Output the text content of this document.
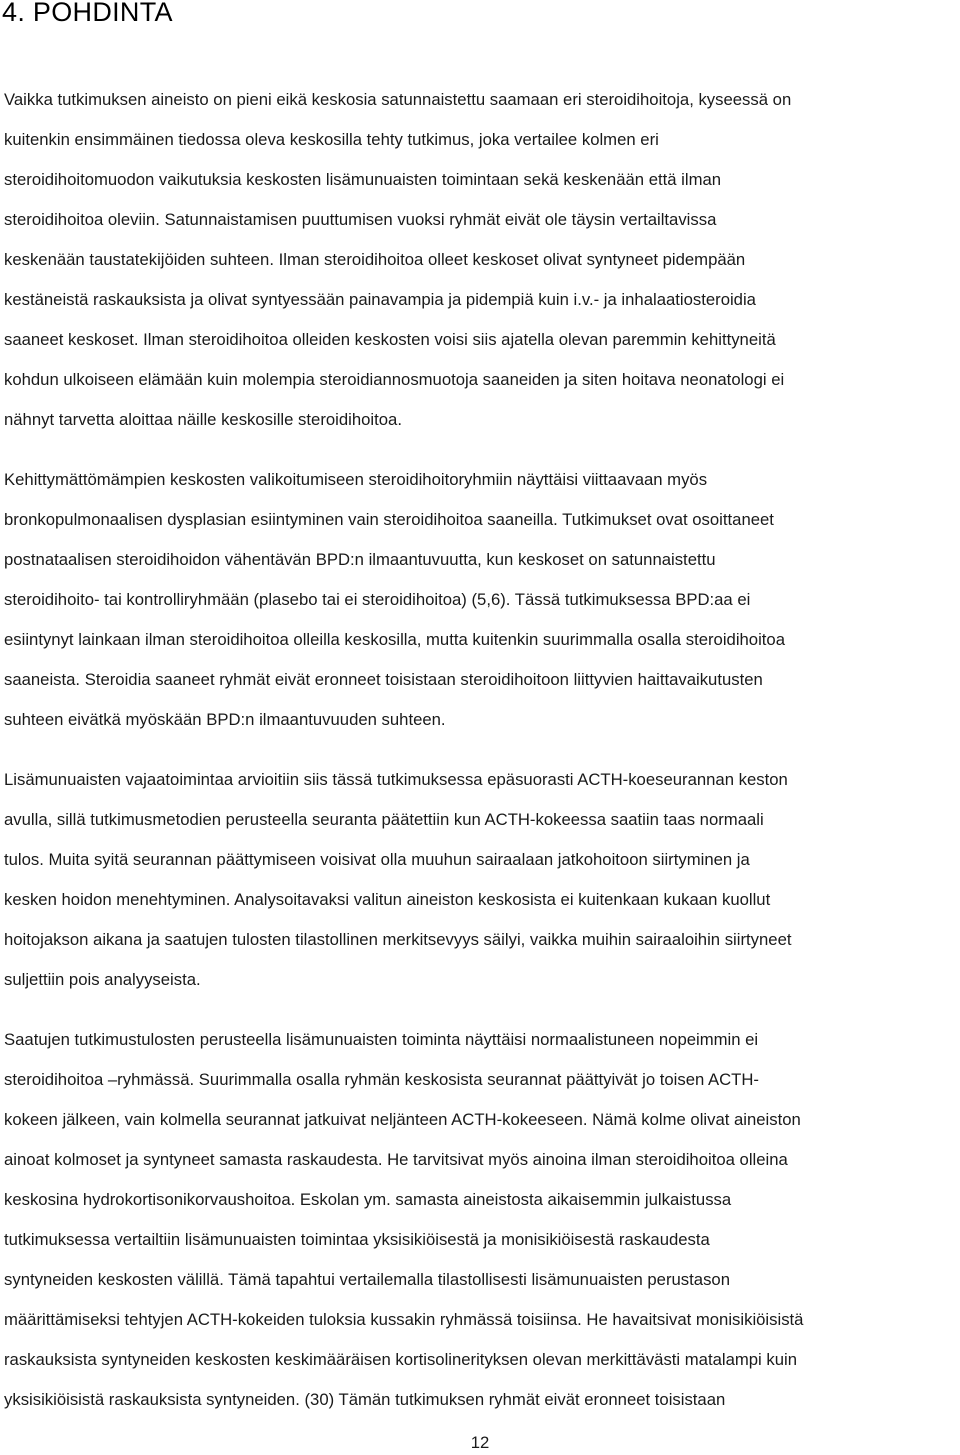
4. POHDINTA

Vaikka tutkimuksen aineisto on pieni eikä keskosia satunnaistettu saamaan eri steroidihoitoja, kyseessä on
kuitenkin ensimmäinen tiedossa oleva keskosilla tehty tutkimus, joka vertailee kolmen eri
steroidihoitomuodon vaikutuksia keskosten lisämunuaisten toimintaan sekä keskenään että ilman
steroidihoitoa oleviin. Satunnaistamisen puuttumisen vuoksi ryhmät eivät ole täysin vertailtavissa
keskenään taustatekijöiden suhteen. Ilman steroidihoitoa olleet keskoset olivat syntyneet pidempään
kestäneistä raskauksista ja olivat syntyessään painavampia ja pidempiä kuin i.v.- ja inhalaatiosteroidia
saaneet keskoset. Ilman steroidihoitoa olleiden keskosten voisi siis ajatella olevan paremmin kehittyneitä
kohdun ulkoiseen elämään kuin molempia steroidiannosmuotoja saaneiden ja siten hoitava neonatologi ei
nähnyt tarvetta aloittaa näille keskosille steroidihoitoa.

Kehittymättömämpien keskosten valikoitumiseen steroidihoitoryhmiin näyttäisi viittaavaan myös
bronkopulmonaalisen dysplasian esiintyminen vain steroidihoitoa saaneilla. Tutkimukset ovat osoittaneet
postnataalisen steroidihoidon vähentävän BPD:n ilmaantuvuutta, kun keskoset on satunnaistettu
steroidihoito- tai kontrolliryhmään (plasebo tai ei steroidihoitoa) (5,6). Tässä tutkimuksessa BPD:aa ei
esiintynyt lainkaan ilman steroidihoitoa olleilla keskosilla, mutta kuitenkin suurimmalla osalla steroidihoitoa
saaneista. Steroidia saaneet ryhmät eivät eronneet toisistaan steroidihoitoon liittyvien haittavaikutusten
suhteen eivätkä myöskään BPD:n ilmaantuvuuden suhteen.

Lisämunuaisten vajaatoimintaa arvioitiin siis tässä tutkimuksessa epäsuorasti ACTH-koeseurannan keston
avulla, sillä tutkimusmetodien perusteella seuranta päätettiin kun ACTH-kokeessa saatiin taas normaali
tulos. Muita syitä seurannan päättymiseen voisivat olla muuhun sairaalaan jatkohoitoon siirtyminen ja
kesken hoidon menehtyminen. Analysoitavaksi valitun aineiston keskosista ei kuitenkaan kukaan kuollut
hoitojakson aikana ja saatujen tulosten tilastollinen merkitsevyys säilyi, vaikka muihin sairaaloihin siirtyneet
suljettiin pois analyyseista.

Saatujen tutkimustulosten perusteella lisämunuaisten toiminta näyttäisi normaalistuneen nopeimmin ei
steroidihoitoa –ryhmässä. Suurimmalla osalla ryhmän keskosista seurannat päättyivät jo toisen ACTH-
kokeen jälkeen, vain kolmella seurannat jatkuivat neljänteen ACTH-kokeeseen. Nämä kolme olivat aineiston
ainoat kolmoset ja syntyneet samasta raskaudesta. He tarvitsivat myös ainoina ilman steroidihoitoa olleina
keskosina hydrokortisonikorvaushoitoa. Eskolan ym. samasta aineistosta aikaisemmin julkaistussa
tutkimuksessa vertailtiin lisämunuaisten toimintaa yksisikiöisestä ja monisikiöisestä raskaudesta
syntyneiden keskosten välillä. Tämä tapahtui vertailemalla tilastollisesti lisämunuaisten perustason
määrittämiseksi tehtyjen ACTH-kokeiden tuloksia kussakin ryhmässä toisiinsa. He havaitsivat monisikiöisistä
raskauksista syntyneiden keskosten keskimääräisen kortisolinerityksen olevan merkittävästi matalampi kuin
yksisikiöisistä raskauksista syntyneiden. (30) Tämän tutkimuksen ryhmät eivät eronneet toisistaan

12
